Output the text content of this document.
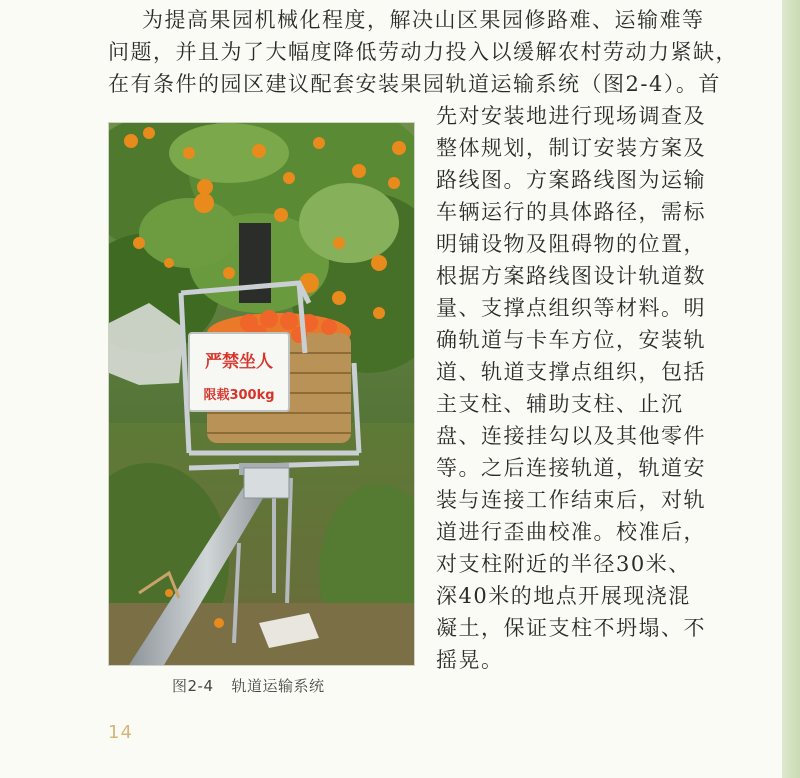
为提高果园机械化程度，解决山区果园修路难、运输难等

问题，并且为了大幅度降低劳动力投入以缓解农村劳动力紧缺，

在有条件的园区建议配套安装果园轨道运输系统（图2-4）。首

先对安装地进行现场调查及

整体规划，制订安装方案及

路线图。方案路线图为运输

车辆运行的具体路径，需标

明铺设物及阻碍物的位置，

根据方案路线图设计轨道数

量、支撑点组织等材料。明

确轨道与卡车方位，安装轨

道、轨道支撑点组织，包括

主支柱、辅助支柱、止沉

盘、连接挂勾以及其他零件

等。之后连接轨道，轨道安

装与连接工作结束后，对轨

道进行歪曲校准。校准后，

对支柱附近的半径30米、

深40米的地点开展现浇混

凝土，保证支柱不坍塌、不

摇晃。

严禁坐人
限载300kg
图2-4 轨道运输系统
14
